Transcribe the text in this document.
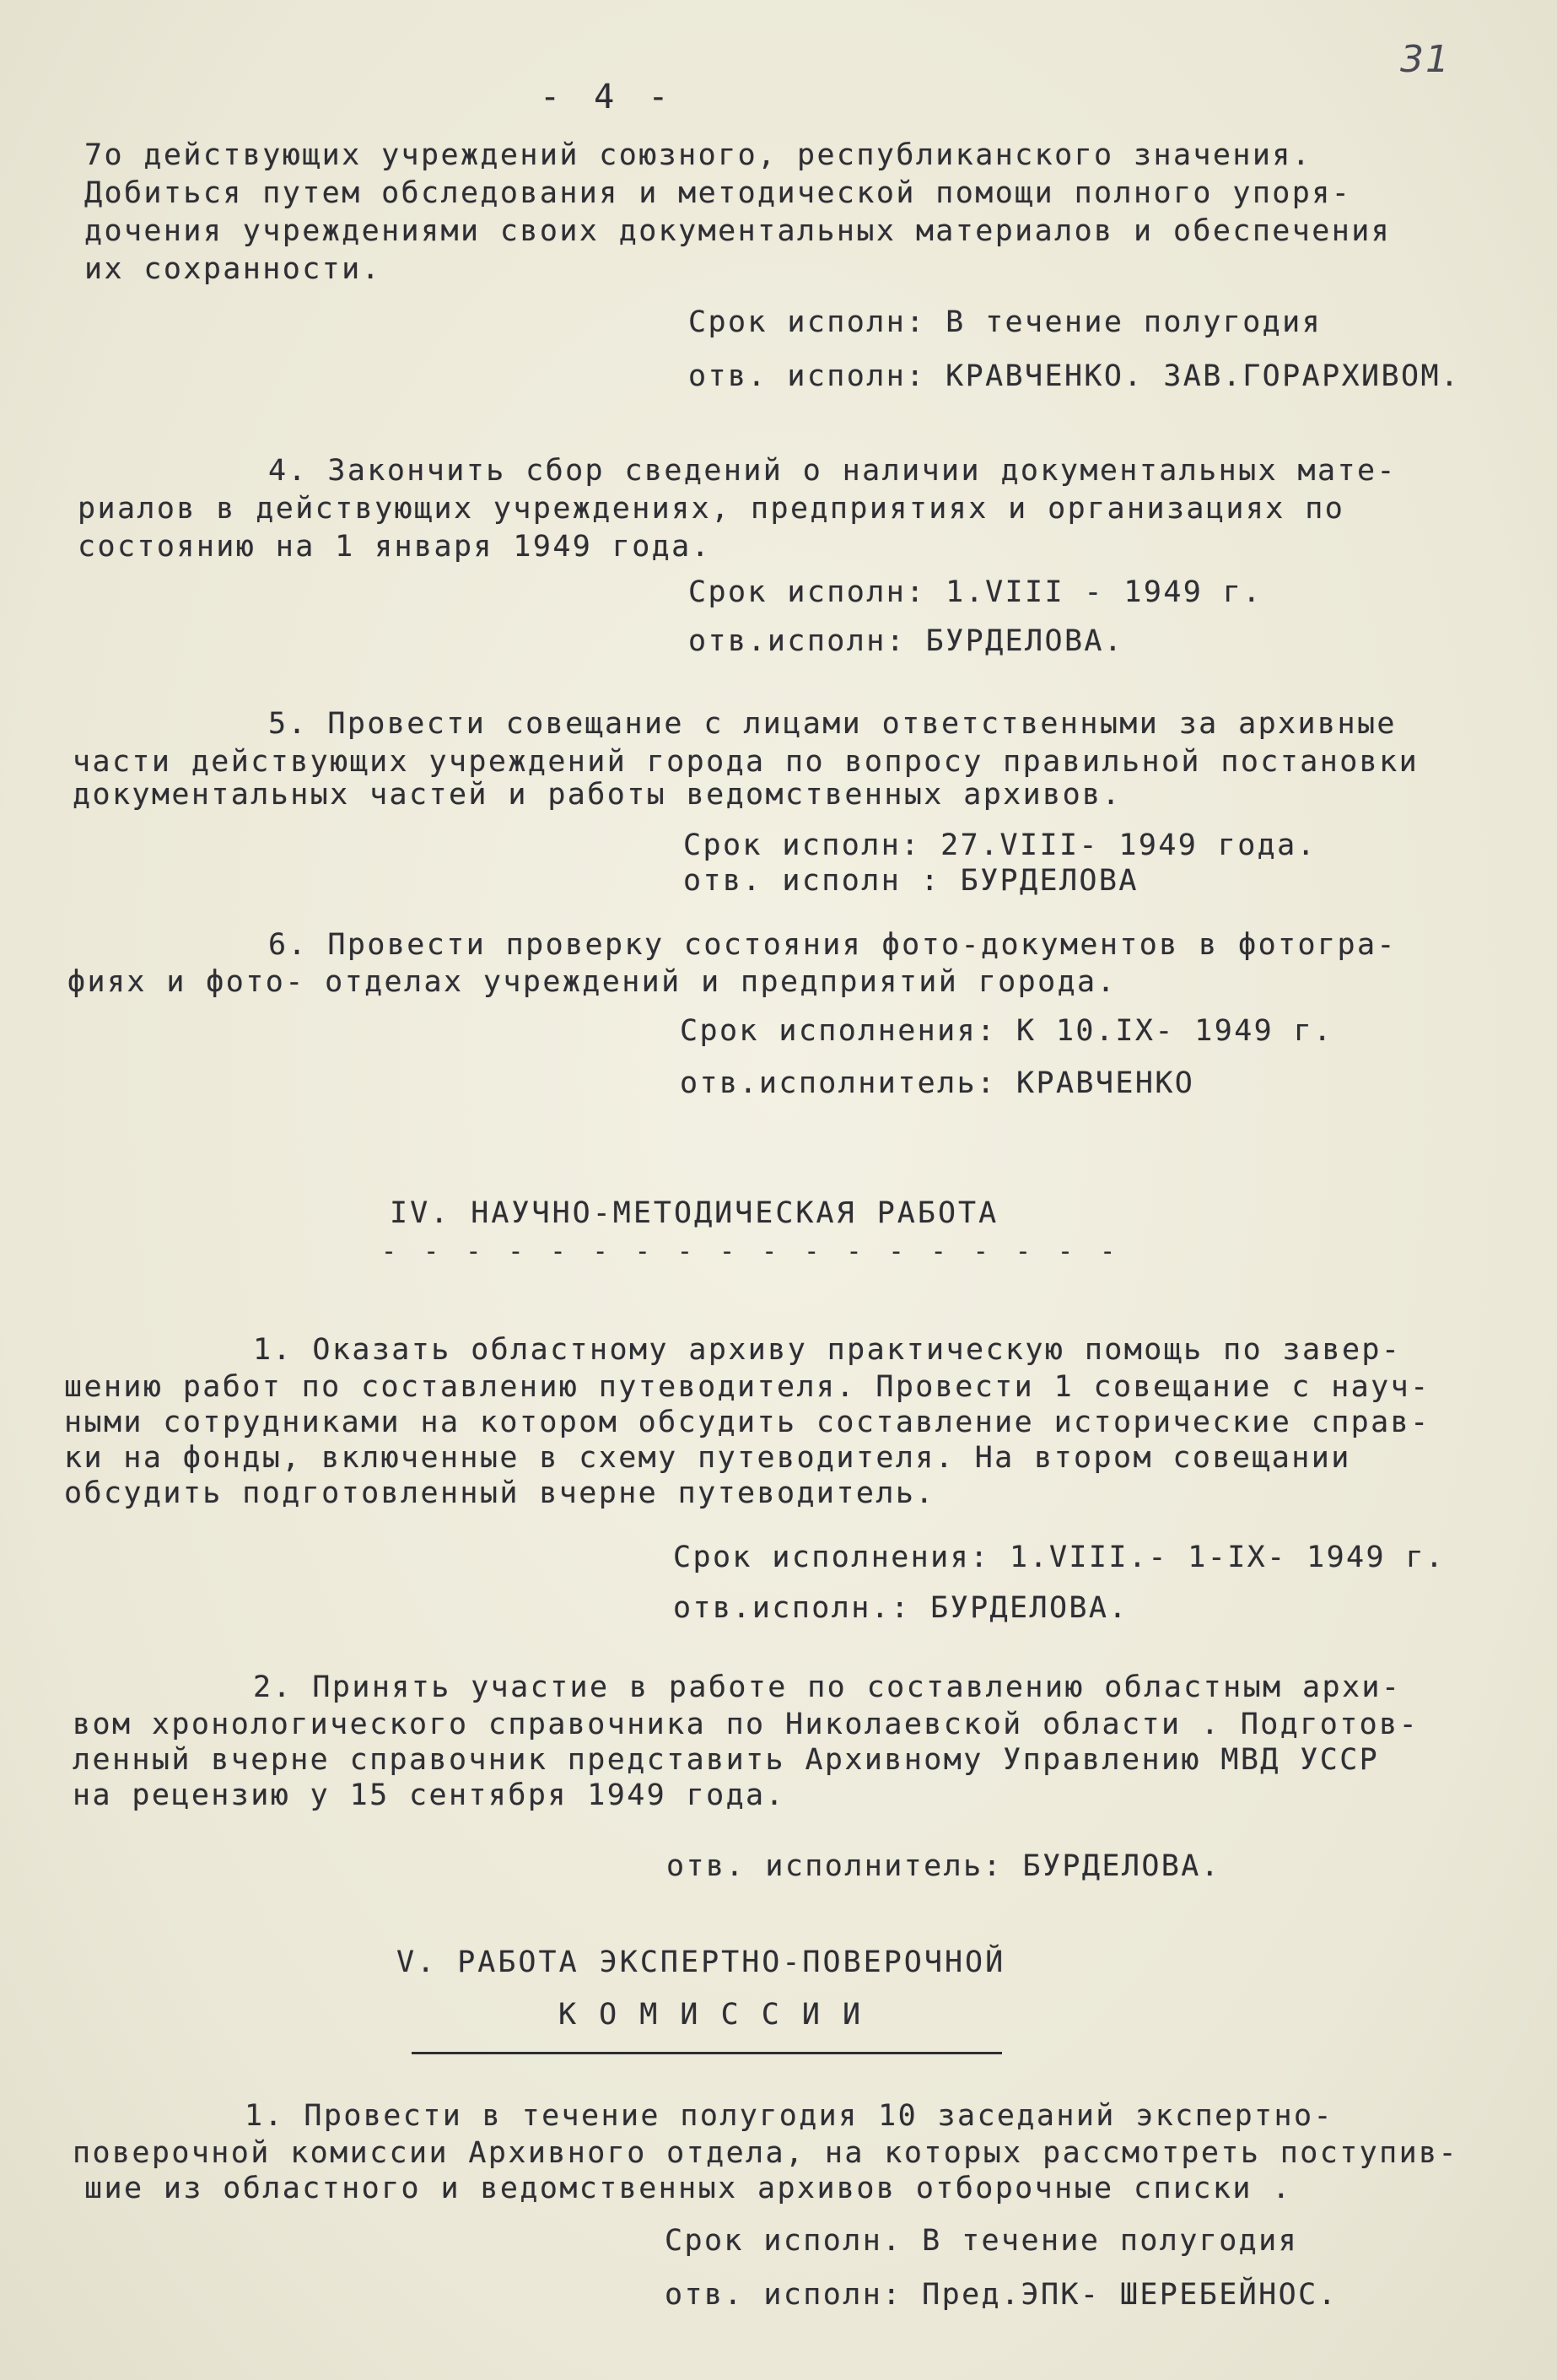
31
- 4 -
7o действующих учреждений союзного, республиканского значения.
Добиться путем обследования и методической помощи полного упоря-
дочения учреждениями своих документальных материалов и обеспечения
их сохранности.
Срок исполн: В течение полугодия
отв. исполн: КРАВЧЕНКО. ЗАВ.ГОРАРХИВОМ.
4. Закончить сбор сведений о наличии документальных мате-
риалов в действующих учреждениях, предприятиях и организациях по
состоянию на 1 января 1949 года.
Срок исполн: 1.VIII - 1949 г.
отв.исполн: БУРДЕЛОВА.
5. Провести совещание с лицами ответственными за архивные
части действующих учреждений города по вопросу правильной постановки
документальных частей и работы ведомственных архивов.
Срок исполн: 27.VIII- 1949 года.
отв. исполн : БУРДЕЛОВА
6. Провести проверку состояния фото-документов в фотогра-
фиях и фото- отделах учреждений и предприятий города.
Срок исполнения: К 10.IX- 1949 г.
отв.исполнитель: КРАВЧЕНКО
IV. НАУЧНО-МЕТОДИЧЕСКАЯ РАБОТА
- - - - - - - - - - - - - - - - - -
1. Оказать областному архиву практическую помощь по завер-
шению работ по составлению путеводителя. Провести 1 совещание с науч-
ными сотрудниками на котором обсудить составление исторические справ-
ки на фонды, включенные в схему путеводителя. На втором совещании
обсудить подготовленный вчерне путеводитель.
Срок исполнения: 1.VIII.- 1-IX- 1949 г.
отв.исполн.: БУРДЕЛОВА.
2. Принять участие в работе по составлению областным архи-
вом хронологического справочника по Николаевской области . Подготов-
ленный вчерне справочник представить Архивному Управлению МВД УССР
на рецензию у 15 сентября 1949 года.
отв. исполнитель: БУРДЕЛОВА.
V. РАБОТА ЭКСПЕРТНО-ПОВЕРОЧНОЙ
К О М И С С И И
1. Провести в течение полугодия 10 заседаний экспертно-
поверочной комиссии Архивного отдела, на которых рассмотреть поступив-
шие из областного и ведомственных архивов отборочные списки .
Срок исполн. В течение полугодия
отв. исполн: Пред.ЭПК- ШЕРЕБЕЙНОС.
